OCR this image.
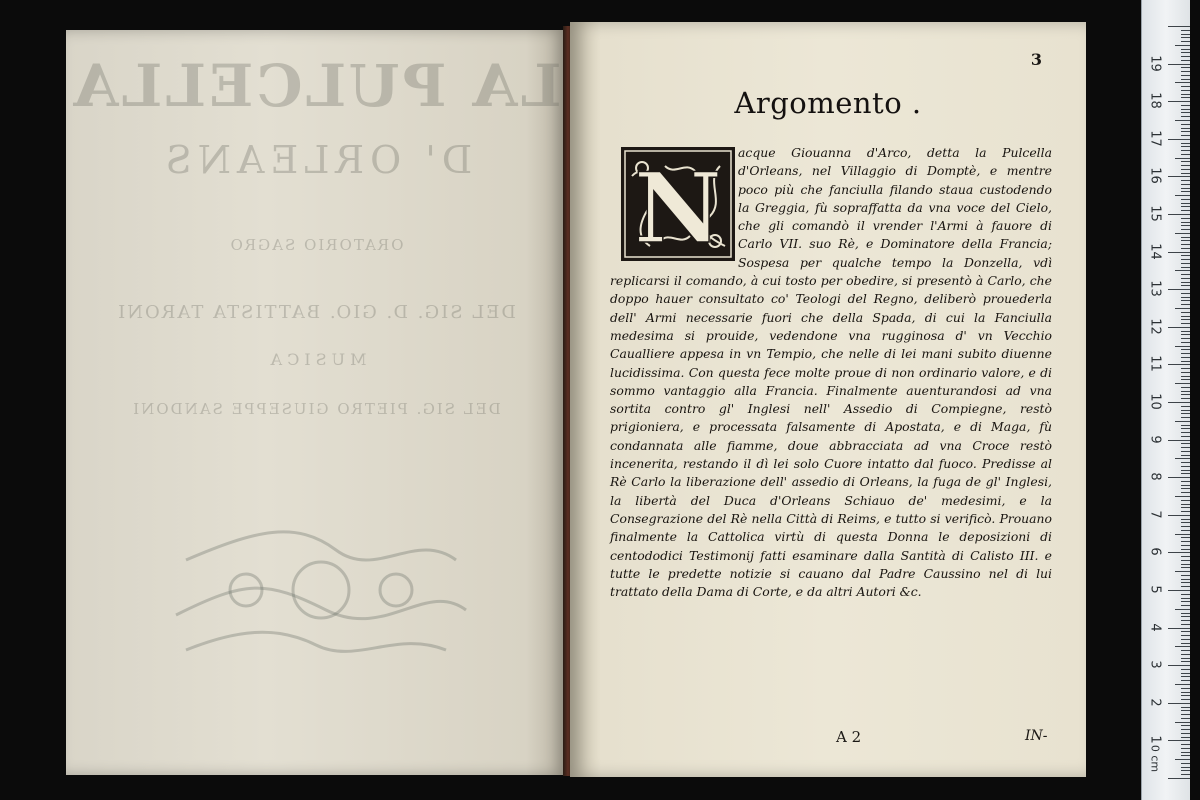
LA PULCELLA
D' ORLEANS
ORATORIO SAGRO
DEL SIG. D. GIO. BATTISTA TARONI
MUSICA
DEL SIG. PIETRO GIUSEPPE SANDONI
3
Argomento .
N	acque Giouanna d'Arco, detta la Pulcella d'Orleans, nel Villaggio di Domptè, e mentre poco più che fanciulla filando staua custodendo la Greggia, fù sopraffatta da vna voce del Cielo, che gli comandò il vrender l'Armi à fauore di Carlo VII. suo Rè, e Dominatore della Francia; Sospesa per qualche tempo la Donzella, vdì replicarsi il comando, à cui tosto per obedire, si presentò à Carlo, che doppo hauer consultato co' Teologi del Regno, deliberò prouederla dell' Armi necessarie fuori che della Spada, di cui la Fanciulla medesima si prouide, vedendone vna rugginosa d' vn Vecchio Caualliere appesa in vn Tempio, che nelle di lei mani subito diuenne lucidissima. Con questa fece molte proue di non ordinario valore, e di sommo vantaggio alla Francia. Finalmente auenturandosi ad vna sortita contro gl' Inglesi nell' Assedio di Compiegne, restò prigioniera, e processata falsamente di Apostata, e di Maga, fù condannata alle fiamme, doue abbracciata ad vna Croce restò incenerita, restando il dì lei solo Cuore intatto dal fuoco. Predisse al Rè Carlo la liberazione dell' assedio di Orleans, la fuga de gl' Inglesi, la libertà del Duca d'Orleans Schiauo de' medesimi, e la Consegrazione del Rè nella Città di Reims, e tutto si verificò. Prouano finalmente la Cattolica virtù di questa Donna le deposizioni di centododici Testimonij fatti esaminare dalla Santità di Calisto III. e tutte le predette notizie si cauano dal Padre Caussino nel di lui trattato della Dama di Corte, e da altri Autori &c.
A 2	IN-
0 cm
1
2
3
4
5
6
7
8
9
10
11
12
13
14
15
16
17
18
19
